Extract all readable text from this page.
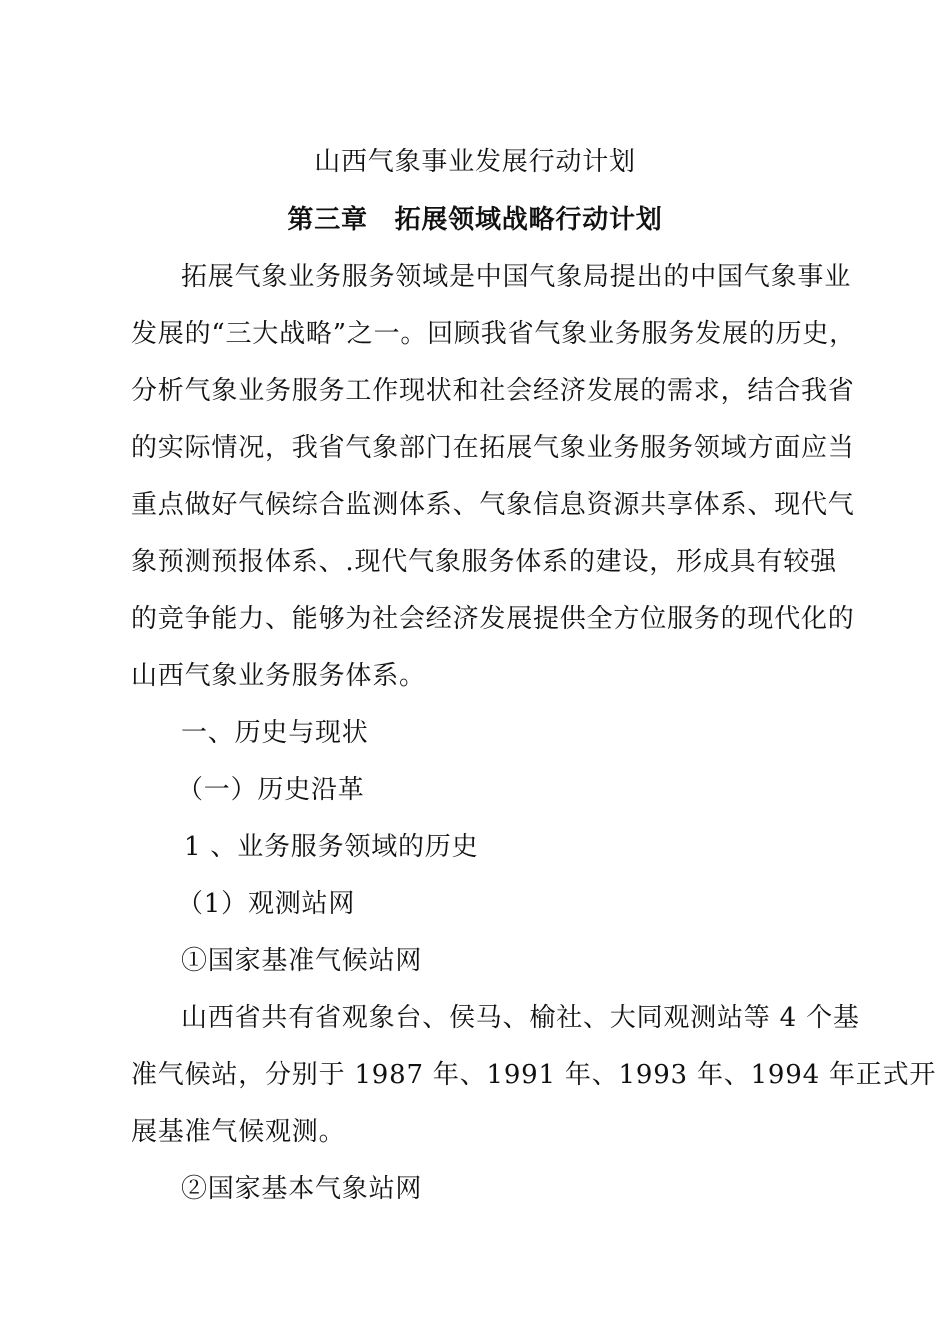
山西气象事业发展行动计划
第三章　拓展领域战略行动计划
拓展气象业务服务领域是中国气象局提出的中国气象事业
发展的“三大战略”之一。回顾我省气象业务服务发展的历史，
分析气象业务服务工作现状和社会经济发展的需求，结合我省
的实际情况，我省气象部门在拓展气象业务服务领域方面应当
重点做好气候综合监测体系、气象信息资源共享体系、现代气
象预测预报体系、.现代气象服务体系的建设，形成具有较强
的竞争能力、能够为社会经济发展提供全方位服务的现代化的
山西气象业务服务体系。
一、历史与现状
（一）历史沿革
1 、业务服务领域的历史
（1）观测站网
①国家基准气候站网
山西省共有省观象台、侯马、榆社、大同观测站等 4 个基
准气候站，分别于 1987 年、1991 年、1993 年、1994 年正式开
展基准气候观测。
②国家基本气象站网
